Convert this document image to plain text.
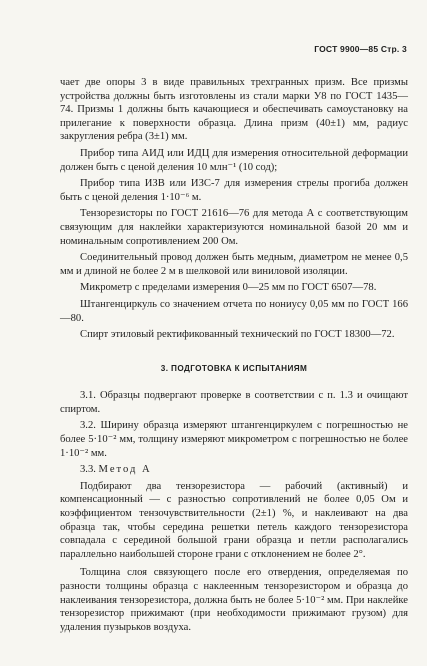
ГОСТ 9900—85 Стр. 3

чает две опоры 3 в виде правильных трехгранных призм. Все призмы устройства должны быть изготовлены из стали марки У8 по ГОСТ 1435—74. Призмы 1 должны быть качающиеся и обеспечивать самоустановку на прилегание к поверхности образца. Длина призм (40±1) мм, радиус закругления ребра (3±1) мм.

Прибор типа АИД или ИДЦ для измерения относительной деформации должен быть с ценой деления 10 млн⁻¹ (10 сод);

Прибор типа ИЗВ или ИЗС-7 для измерения стрелы прогиба должен быть с ценой деления 1·10⁻⁶ м.

Тензорезисторы по ГОСТ 21616—76 для метода А с соответствующим связующим для наклейки характеризуются номинальной базой 20 мм и номинальным сопротивлением 200 Ом.

Соединительный провод должен быть медным, диаметром не менее 0,5 мм и длиной не более 2 м в шелковой или виниловой изоляции.

Микрометр с пределами измерения 0—25 мм по ГОСТ 6507—78.

Штангенциркуль со значением отчета по нониусу 0,05 мм по ГОСТ 166—80.

Спирт этиловый ректификованный технический по ГОСТ 18300—72.

3. ПОДГОТОВКА К ИСПЫТАНИЯМ

3.1. Образцы подвергают проверке в соответствии с п. 1.3 и очищают спиртом.

3.2. Ширину образца измеряют штангенциркулем с погрешностью не более 5·10⁻² мм, толщину измеряют микрометром с погрешностью не более 1·10⁻² мм.

3.3. Метод А

Подбирают два тензорезистора — рабочий (активный) и компенсационный — с разностью сопротивлений не более 0,05 Ом и коэффициентом тензочувствительности (2±1) %, и наклеивают на два образца так, чтобы середина решетки петель каждого тензорезистора совпадала с серединой большой грани образца и петли располагались параллельно наибольшей стороне грани с отклонением не более 2°.

Толщина слоя связующего после его отвердения, определяемая по разности толщины образца с наклеенным тензорезистором и образца до наклеивания тензорезистора, должна быть не более 5·10⁻² мм. При наклейке тензорезистор прижимают (при необходимости прижимают грузом) для удаления пузырьков воздуха.
